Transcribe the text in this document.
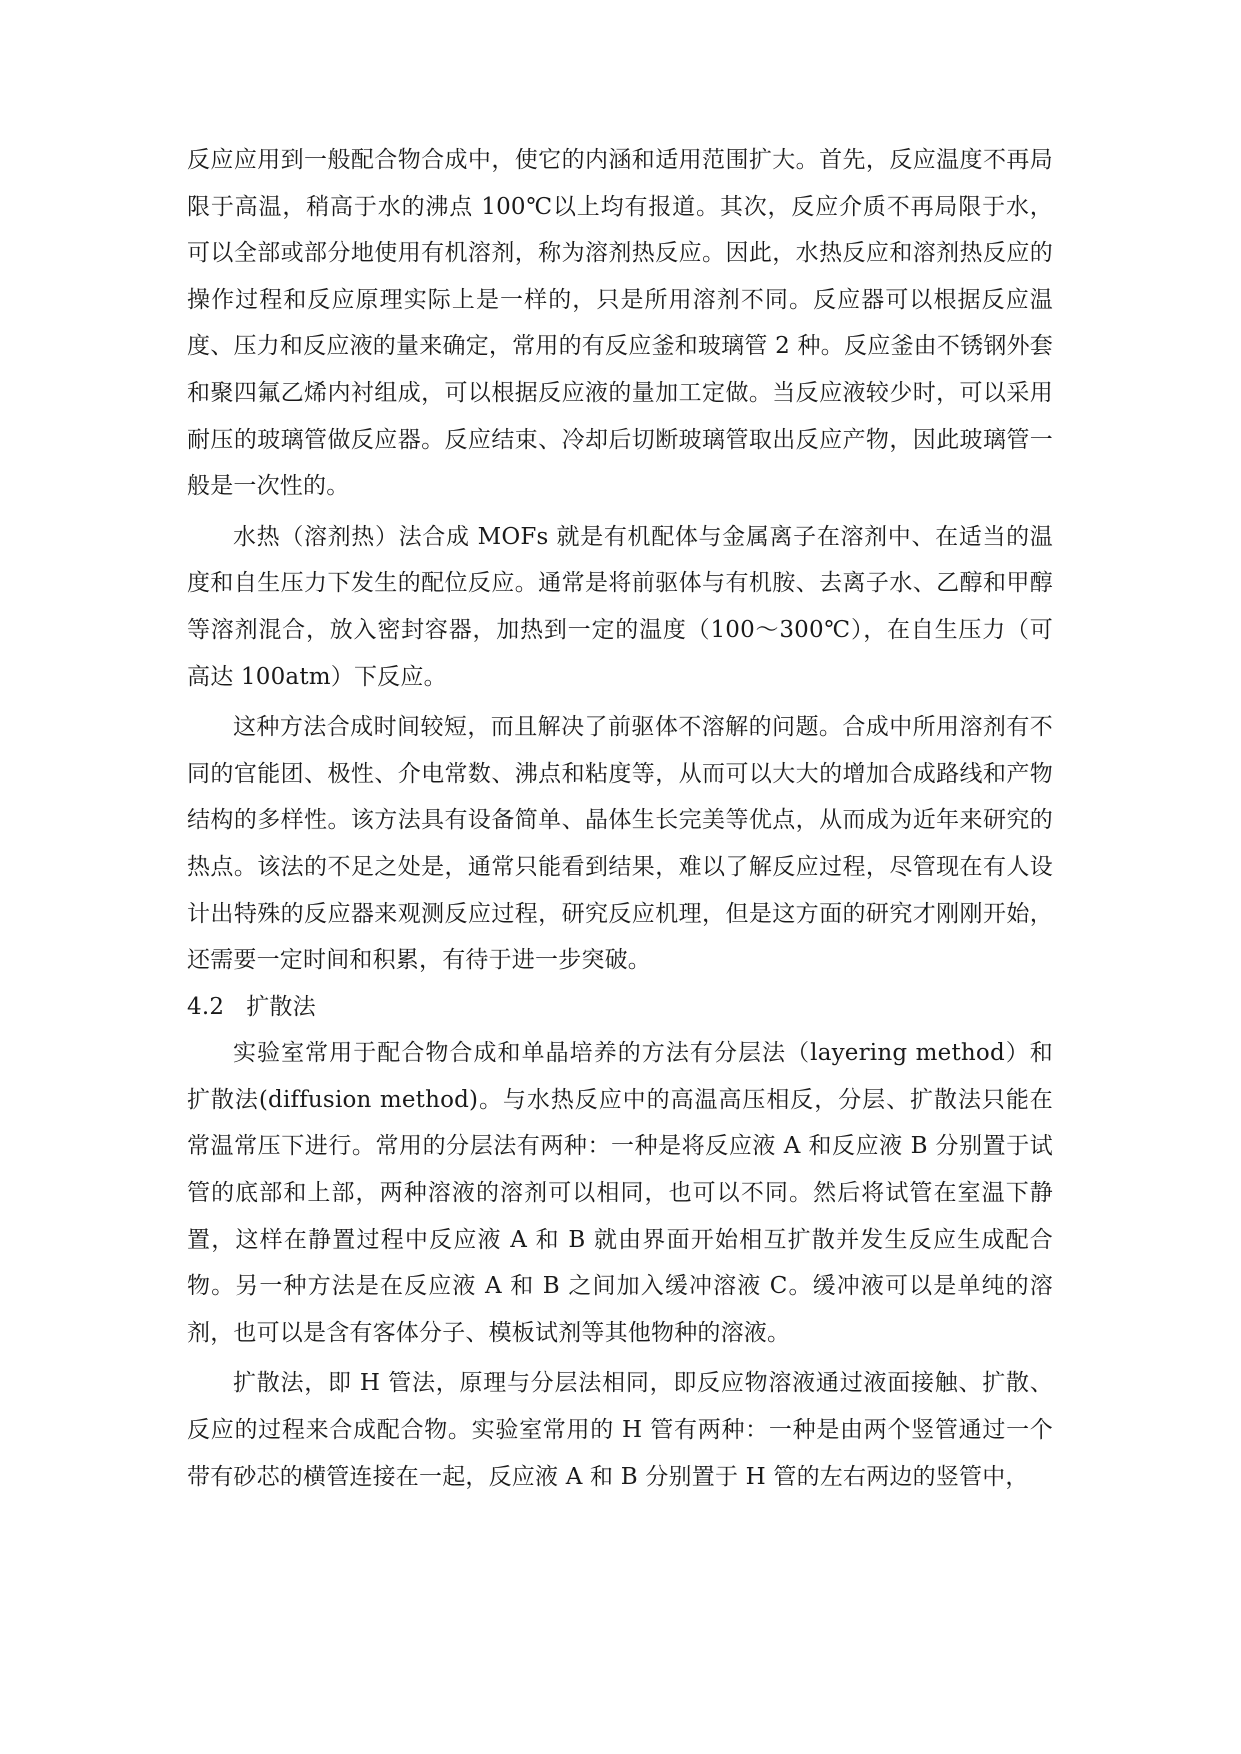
反应应用到一般配合物合成中，使它的内涵和适用范围扩大。首先，反应温度不再局限于高温，稍高于水的沸点 100℃以上均有报道。其次，反应介质不再局限于水，可以全部或部分地使用有机溶剂，称为溶剂热反应。因此，水热反应和溶剂热反应的操作过程和反应原理实际上是一样的，只是所用溶剂不同。反应器可以根据反应温度、压力和反应液的量来确定，常用的有反应釜和玻璃管 2 种。反应釜由不锈钢外套和聚四氟乙烯内衬组成，可以根据反应液的量加工定做。当反应液较少时，可以采用耐压的玻璃管做反应器。反应结束、冷却后切断玻璃管取出反应产物，因此玻璃管一般是一次性的。

水热（溶剂热）法合成 MOFs 就是有机配体与金属离子在溶剂中、在适当的温度和自生压力下发生的配位反应。通常是将前驱体与有机胺、去离子水、乙醇和甲醇等溶剂混合，放入密封容器，加热到一定的温度（100～300℃），在自生压力（可高达 100atm）下反应。

这种方法合成时间较短，而且解决了前驱体不溶解的问题。合成中所用溶剂有不同的官能团、极性、介电常数、沸点和粘度等，从而可以大大的增加合成路线和产物结构的多样性。该方法具有设备简单、晶体生长完美等优点，从而成为近年来研究的热点。该法的不足之处是，通常只能看到结果，难以了解反应过程，尽管现在有人设计出特殊的反应器来观测反应过程，研究反应机理，但是这方面的研究才刚刚开始，还需要一定时间和积累，有待于进一步突破。

4.2 扩散法

实验室常用于配合物合成和单晶培养的方法有分层法（layering method）和扩散法(diffusion method)。与水热反应中的高温高压相反，分层、扩散法只能在常温常压下进行。常用的分层法有两种：一种是将反应液 A 和反应液 B 分别置于试管的底部和上部，两种溶液的溶剂可以相同，也可以不同。然后将试管在室温下静置，这样在静置过程中反应液 A 和 B 就由界面开始相互扩散并发生反应生成配合物。另一种方法是在反应液 A 和 B 之间加入缓冲溶液 C。缓冲液可以是单纯的溶剂，也可以是含有客体分子、模板试剂等其他物种的溶液。

扩散法，即 H 管法，原理与分层法相同，即反应物溶液通过液面接触、扩散、反应的过程来合成配合物。实验室常用的 H 管有两种：一种是由两个竖管通过一个带有砂芯的横管连接在一起，反应液 A 和 B 分别置于 H 管的左右两边的竖管中，
